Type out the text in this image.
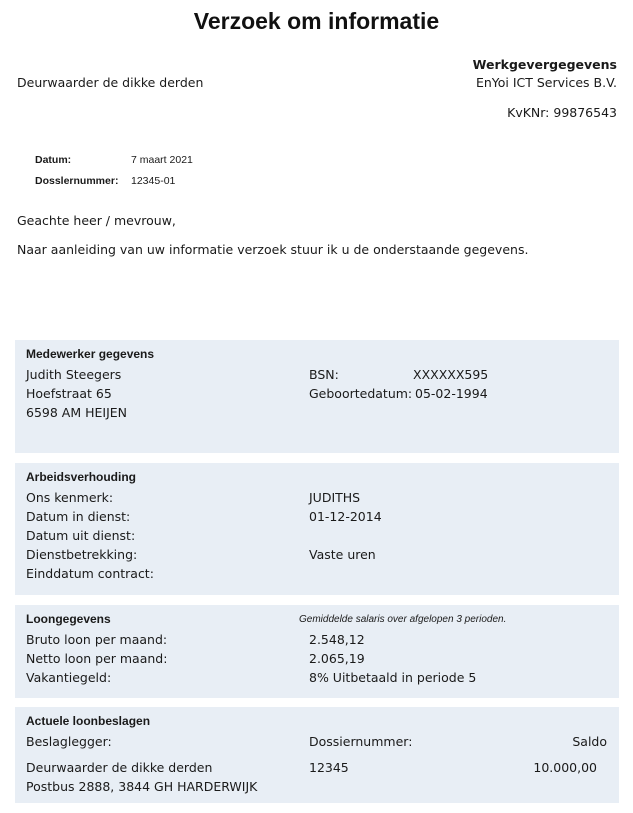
Verzoek om informatie
Deurwaarder de dikke derden
Werkgevergegevens
EnYoi ICT Services B.V.
KvKNr: 99876543
Datum:	7 maart 2021
Dosslernummer:	12345-01
Geachte heer / mevrouw,
Naar aanleiding van uw informatie verzoek stuur ik u de onderstaande gegevens.
Medewerker gegevens
Judith Steegers	BSN:	XXXXXX595
Hoefstraat 65	Geboortedatum: 05-02-1994
6598 AM HEIJEN
Arbeidsverhouding
Ons kenmerk:	JUDITHS
Datum in dienst:	01-12-2014
Datum uit dienst:
Dienstbetrekking:	Vaste uren
Einddatum contract:
Loongegevens	Gemiddelde salaris over afgelopen 3 perioden.
Bruto loon per maand:	2.548,12
Netto loon per maand:	2.065,19
Vakantiegeld:	8% Uitbetaald in periode 5
Actuele loonbeslagen
Beslaglegger:	Dossiernummer:	Saldo
Deurwaarder de dikke derden	12345	10.000,00
Postbus 2888, 3844 GH HARDERWIJK
